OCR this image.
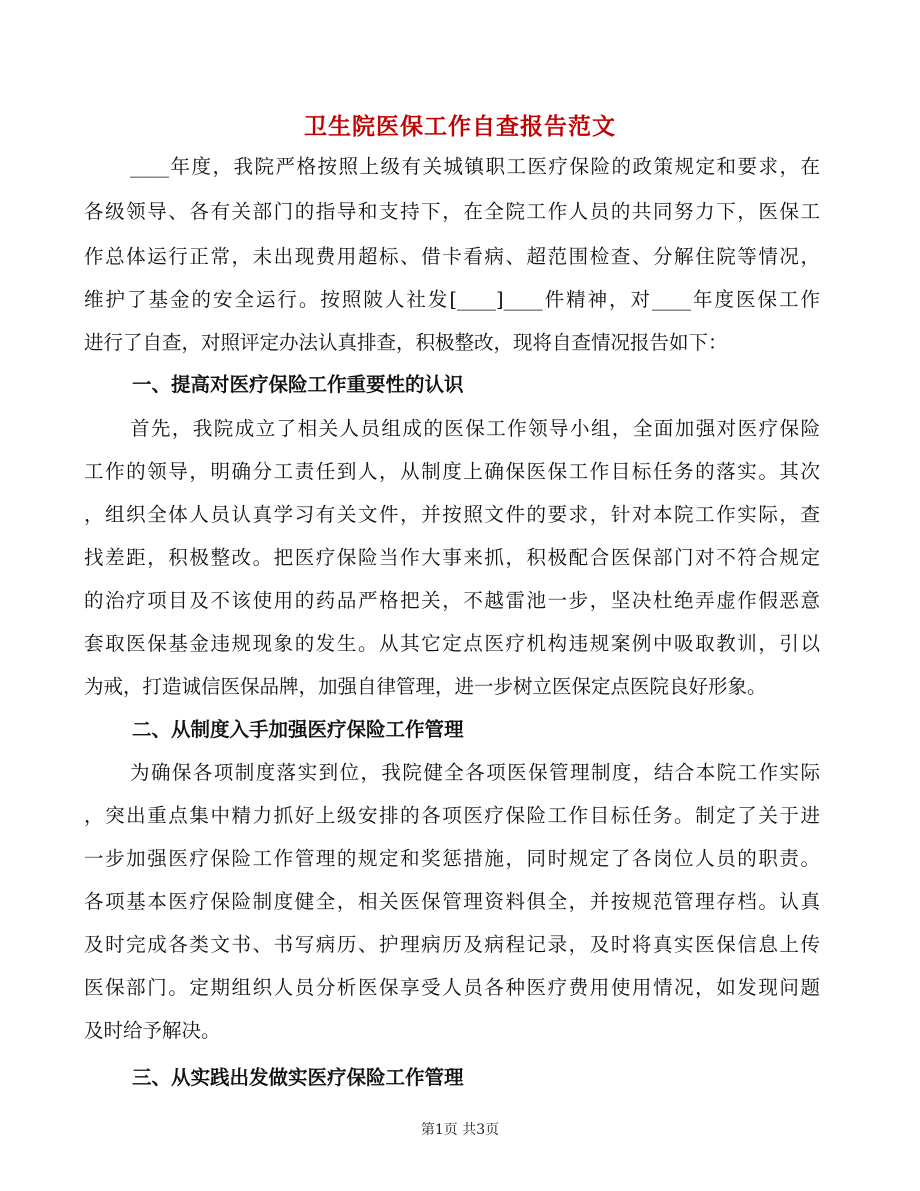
卫生院医保工作自查报告范文
____年度，我院严格按照上级有关城镇职工医疗保险的政策规定和要求，在
各级领导、各有关部门的指导和支持下，在全院工作人员的共同努力下，医保工
作总体运行正常，未出现费用超标、借卡看病、超范围检查、分解住院等情况，
维护了基金的安全运行。按照陂人社发[____]____件精神，对____年度医保工作
进行了自查，对照评定办法认真排查，积极整改，现将自查情况报告如下：
一、提高对医疗保险工作重要性的认识
首先，我院成立了相关人员组成的医保工作领导小组，全面加强对医疗保险
工作的领导，明确分工责任到人，从制度上确保医保工作目标任务的落实。其次
，组织全体人员认真学习有关文件，并按照文件的要求，针对本院工作实际，查
找差距，积极整改。把医疗保险当作大事来抓，积极配合医保部门对不符合规定
的治疗项目及不该使用的药品严格把关，不越雷池一步，坚决杜绝弄虚作假恶意
套取医保基金违规现象的发生。从其它定点医疗机构违规案例中吸取教训，引以
为戒，打造诚信医保品牌，加强自律管理，进一步树立医保定点医院良好形象。
二、从制度入手加强医疗保险工作管理
为确保各项制度落实到位，我院健全各项医保管理制度，结合本院工作实际
，突出重点集中精力抓好上级安排的各项医疗保险工作目标任务。制定了关于进
一步加强医疗保险工作管理的规定和奖惩措施，同时规定了各岗位人员的职责。
各项基本医疗保险制度健全，相关医保管理资料俱全，并按规范管理存档。认真
及时完成各类文书、书写病历、护理病历及病程记录，及时将真实医保信息上传
医保部门。定期组织人员分析医保享受人员各种医疗费用使用情况，如发现问题
及时给予解决。
三、从实践出发做实医疗保险工作管理
第1页 共3页
